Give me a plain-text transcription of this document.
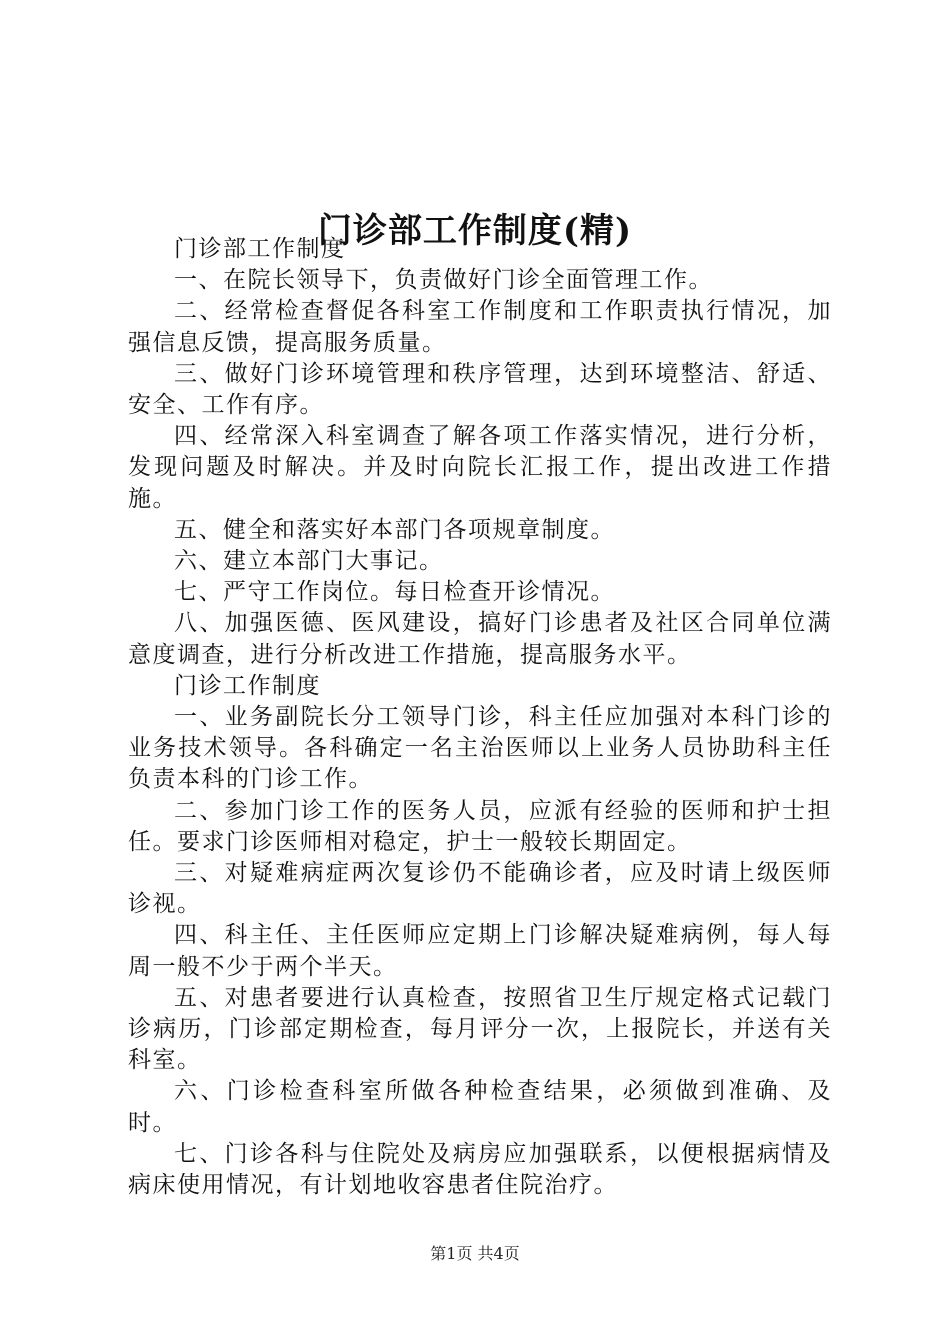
门诊部工作制度(精)

门诊部工作制度

一、在院长领导下，负责做好门诊全面管理工作。

二、经常检查督促各科室工作制度和工作职责执行情况，加强信息反馈，提高服务质量。

三、做好门诊环境管理和秩序管理，达到环境整洁、舒适、安全、工作有序。

四、经常深入科室调查了解各项工作落实情况，进行分析，发现问题及时解决。并及时向院长汇报工作，提出改进工作措施。

五、健全和落实好本部门各项规章制度。

六、建立本部门大事记。

七、严守工作岗位。每日检查开诊情况。

八、加强医德、医风建设，搞好门诊患者及社区合同单位满意度调查，进行分析改进工作措施，提高服务水平。

门诊工作制度

一、业务副院长分工领导门诊，科主任应加强对本科门诊的业务技术领导。各科确定一名主治医师以上业务人员协助科主任负责本科的门诊工作。

二、参加门诊工作的医务人员，应派有经验的医师和护士担任。要求门诊医师相对稳定，护士一般较长期固定。

三、对疑难病症两次复诊仍不能确诊者，应及时请上级医师诊视。

四、科主任、主任医师应定期上门诊解决疑难病例，每人每周一般不少于两个半天。

五、对患者要进行认真检查，按照省卫生厅规定格式记载门诊病历，门诊部定期检查，每月评分一次，上报院长，并送有关科室。

六、门诊检查科室所做各种检查结果，必须做到准确、及时。

七、门诊各科与住院处及病房应加强联系，以便根据病情及病床使用情况，有计划地收容患者住院治疗。

第1页 共4页
